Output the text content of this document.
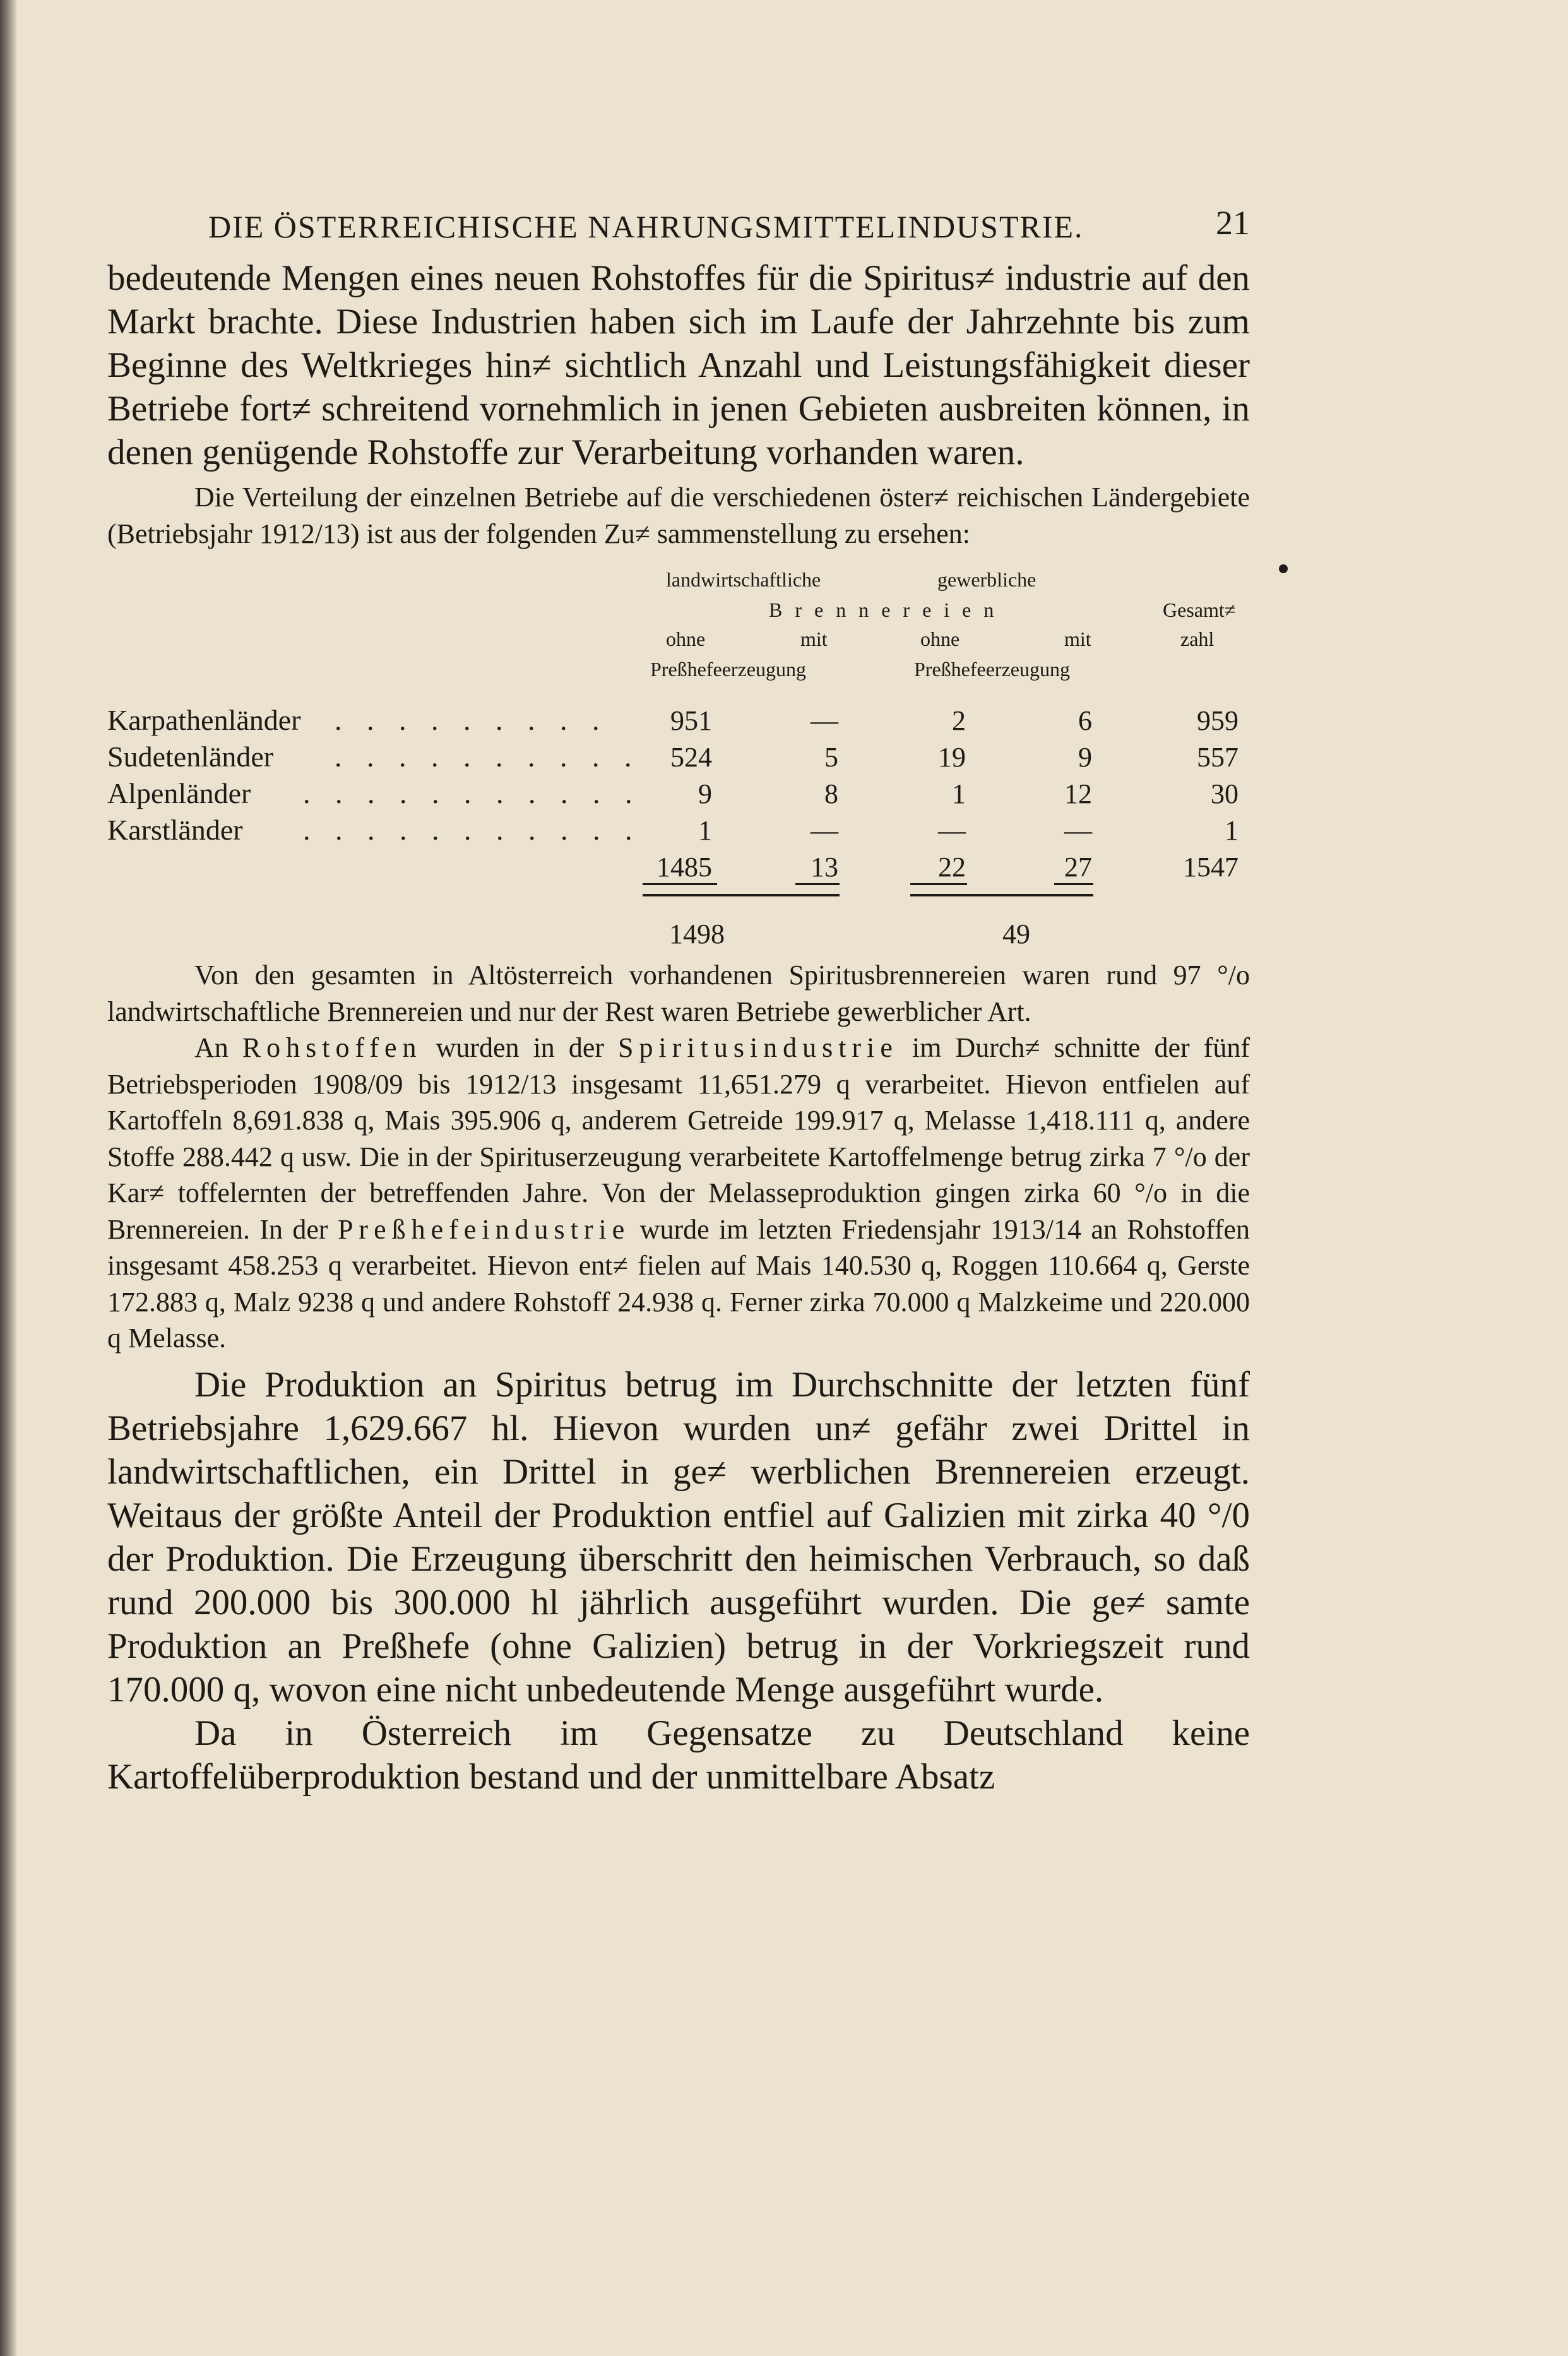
DIE ÖSTERREICHISCHE NAHRUNGSMITTELINDUSTRIE.	21

bedeutende Mengen eines neuen Rohstoffes für die Spiritus≠ industrie auf den Markt brachte. Diese Industrien haben sich im Laufe der Jahrzehnte bis zum Beginne des Weltkrieges hin≠ sichtlich Anzahl und Leistungsfähigkeit dieser Betriebe fort≠ schreitend vornehmlich in jenen Gebieten ausbreiten können, in denen genügende Rohstoffe zur Verarbeitung vorhanden waren.

Die Verteilung der einzelnen Betriebe auf die verschiedenen öster≠ reichischen Ländergebiete (Betriebsjahr 1912/13) ist aus der folgenden Zu≠ sammenstellung zu ersehen:

landwirtschaftliche	gewerbliche
B r e n n e r e i e n	Gesamt≠
ohne	mit	ohne	mit	zahl
Preßhefeerzeugung	Preßhefeerzeugung
Karpathenländer . . . . . . . . .	951	—	2	6	959
Sudetenländer . . . . . . . . . .	524	5	19	9	557
Alpenländer . . . . . . . . . . .	9	8	1	12	30
Karstländer . . . . . . . . . . .	1	—	—	—	1
1485	13	22	27	1547
1498	49

Von den gesamten in Altösterreich vorhandenen Spiritusbrennereien waren rund 97 °/o landwirtschaftliche Brennereien und nur der Rest waren Betriebe gewerblicher Art.

An Rohstoffen wurden in der Spiritusindustrie im Durch≠ schnitte der fünf Betriebsperioden 1908/09 bis 1912/13 insgesamt 11,651.279 q verarbeitet. Hievon entfielen auf Kartoffeln 8,691.838 q, Mais 395.906 q, anderem Getreide 199.917 q, Melasse 1,418.111 q, andere Stoffe 288.442 q usw. Die in der Spirituserzeugung verarbeitete Kartoffelmenge betrug zirka 7 °/o der Kar≠ toffelernten der betreffenden Jahre. Von der Melasseproduktion gingen zirka 60 °/o in die Brennereien. In der Preßhefeindustrie wurde im letzten Friedensjahr 1913/14 an Rohstoffen insgesamt 458.253 q verarbeitet. Hievon ent≠ fielen auf Mais 140.530 q, Roggen 110.664 q, Gerste 172.883 q, Malz 9238 q und andere Rohstoff 24.938 q. Ferner zirka 70.000 q Malzkeime und 220.000 q Melasse.

Die Produktion an Spiritus betrug im Durchschnitte der letzten fünf Betriebsjahre 1,629.667 hl. Hievon wurden un≠ gefähr zwei Drittel in landwirtschaftlichen, ein Drittel in ge≠ werblichen Brennereien erzeugt. Weitaus der größte Anteil der Produktion entfiel auf Galizien mit zirka 40 °/0 der Produktion. Die Erzeugung überschritt den heimischen Verbrauch, so daß rund 200.000 bis 300.000 hl jährlich ausgeführt wurden. Die ge≠ samte Produktion an Preßhefe (ohne Galizien) betrug in der Vorkriegszeit rund 170.000 q, wovon eine nicht unbedeutende Menge ausgeführt wurde.

Da in Österreich im Gegensatze zu Deutschland keine Kartoffelüberproduktion bestand und der unmittelbare Absatz
